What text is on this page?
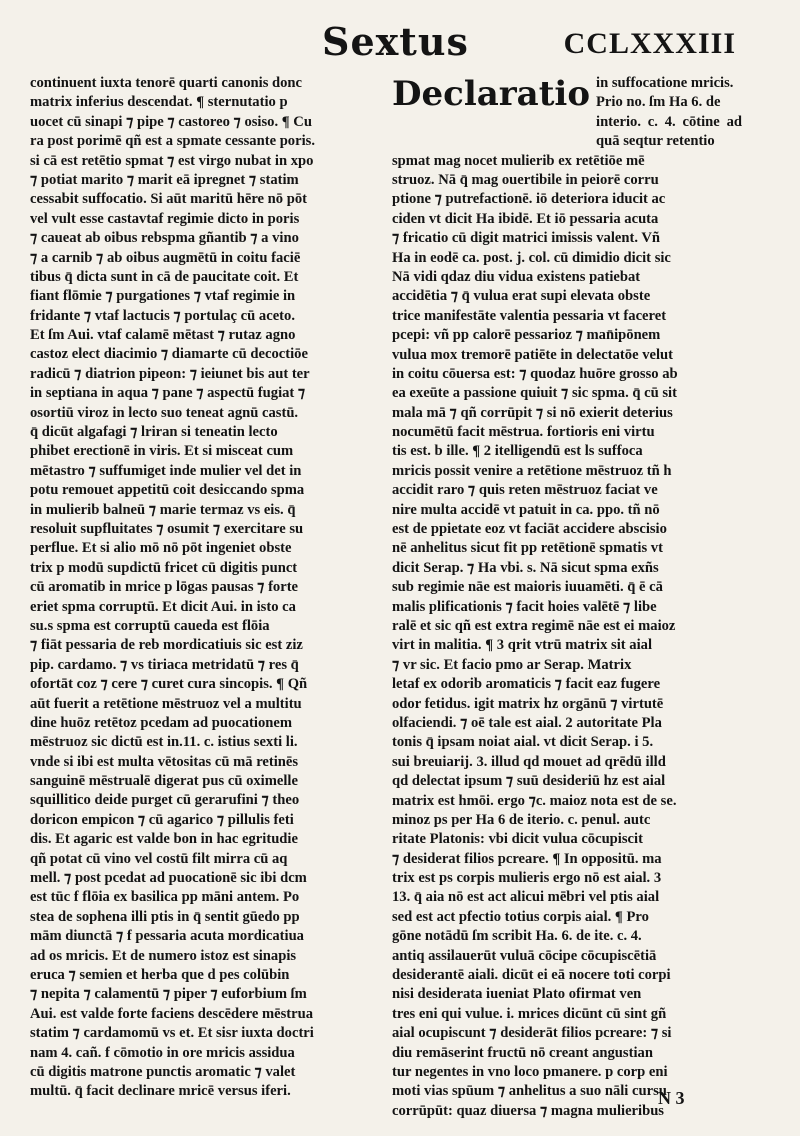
Sextus	CCLXXXIII
continuent iuxta tenorē quarti canonis donc
matrix inferius descendat. ¶ sternutatio p
uocet cū sinapi ⁊ pipe ⁊ castoreo ⁊ osiso. ¶ Cu
ra post porimē qñ est a spmate cessante poris.
si cā est retētio spmat ⁊ est virgo nubat in xpo
⁊ potiat marito ⁊ marit eā ipregnet ⁊ statim
cessabit suffocatio. Si aūt maritū hēre nō pōt
vel vult esse castavtaf regimie dicto in poris
⁊ caueat ab oibus rebspma gñantib ⁊ a vino
⁊ a carnib ⁊ ab oibus augmētū in coitu faciē
tibus q̄ dicta sunt in cā de paucitate coit. Et
fiant flōmie ⁊ purgationes ⁊ vtaf regimie in
fridante ⁊ vtaf lactucis ⁊ portulaç cū aceto.
Et ſm Aui. vtaf calamē mētast ⁊ rutaz agno
castoz elect diacimio ⁊ diamarte cū decoctiōe
radicū ⁊ diatrion pipeon: ⁊ ieiunet bis aut ter
in septiana in aqua ⁊ pane ⁊ aspectū fugiat ⁊
osortiū viroz in lecto suo teneat agnū castū.
q̄ dicūt algafagi ⁊ lriran si teneatin lecto
phibet erectionē in viris. Et si misceat cum
mētastro ⁊ suffumiget inde mulier vel det in
potu remouet appetitū coit desiccando spma
in mulierib balneū ⁊ marie termaz vs eis. q̄
resoluit supfluitates ⁊ osumit ⁊ exercitare su
perflue. Et si alio mō nō pōt ingeniet obste
trix p modū supdictū fricet cū digitis punct
cū aromatib in mrice p lōgas pausas ⁊ forte
eriet spma corruptū. Et dicit Aui. in isto ca
su.s spma est corruptū caueda est flōia
⁊ fiāt pessaria de reb mordicatiuis sic est ziz
pip. cardamo. ⁊ vs tiriaca metridatū ⁊ res q̄
ofortāt coz ⁊ cere ⁊ curet cura sincopis. ¶ Qñ
aūt fuerit a retētione mēstruoz vel a multitu
dine huōz retētoz pcedam ad puocationem
mēstruoz sic dictū est in.11. c. istius sexti li.
vnde si ibi est multa vētositas cū mā retinēs
sanguinē mēstrualē digerat pus cū oximelle
squillitico deide purget cū gerarufini ⁊ theo
doricon empicon ⁊ cū agarico ⁊ pillulis feti
dis. Et agaric est valde bon in hac egritudie
qñ potat cū vino vel costū filt mirra cū aq
mell. ⁊ post pcedat ad puocationē sic ibi dcm
est tūc f flōia ex basilica pp māni antem. Po
stea de sophena illi ptis in q̄ sentit gūedo pp
mām diunctā ⁊ f pessaria acuta mordicatiua
ad os mricis. Et de numero istoz est sinapis
eruca ⁊ semien et herba que d pes colūbin
⁊ nepita ⁊ calamentū ⁊ piper ⁊ euforbium ſm
Aui. est valde forte faciens descēdere mēstrua
statim ⁊ cardamomū vs et. Et sisr iuxta doctri
nam 4. cañ. f cōmotio in ore mricis assidua
cū digitis matrone punctis aromatic ⁊ valet
multū. q̄ facit declinare mricē versus iferi.
Declaratio in suffocatione mricis.
Prio no. ſm Ha 6. de
interio. c. 4. cōtine ad quā seqtur retentio
spmat mag nocet mulierib ex retētiōe mē
struoz. Nā q̄ mag ouertibile in peiorē corru
ptione ⁊ putrefactionē. iō deteriora iducit ac
ciden vt dicit Ha ibidē. Et iō pessaria acuta
⁊ fricatio cū digit matrici imissis valent. Vñ
Ha in eodē ca. post. j. col. cū dimidio dicit sic
Nā vidi qdaz diu vidua existens patiebat
accidētia ⁊ q̄ vulua erat supi elevata obste
trice manifestāte valentia pessaria vt faceret
pcepi: vñ pp calorē pessarioz ⁊ man̄ipōnem
vulua mox tremorē patiēte in delectatōe velut
in coitu cōuersa est: ⁊ quodaz huōre grosso ab
ea exeūte a passione quiuit ⁊ sic spma. q̄ cū sit
mala mā ⁊ qñ corrūpit ⁊ si nō exierit deterius
nocumētū facit mēstrua. fortioris eni virtu
tis est. b ille. ¶ 2 itelligendū est ls suffoca
mricis possit venire a retētione mēstruoz tñ h
accidit raro ⁊ quis reten mēstruoz faciat ve
nire multa accidē vt patuit in ca. ppo. tñ nō
est de ppietate eoz vt faciāt accidere abscisio
nē anhelitus sicut fit pp retētionē spmatis vt
dicit Serap. ⁊ Ha vbi. s. Nā sicut spma exñs
sub regimie nāe est maioris iuuamēti. q̄ ē cā
malis plificationis ⁊ facit hoies valētē ⁊ libe
ralē et sic qñ est extra regimē nāe est ei maioz
virt in malitia. ¶ 3 qrit vtrū matrix sit aial
⁊ vr sic. Et facio pmo ar Serap. Matrix
letaf ex odorib aromaticis ⁊ facit eaz fugere
odor fetidus. igit matrix hz orgānū ⁊ virtutē
olfaciendi. ⁊ oē tale est aial. 2 autoritate Pla
tonis q̄ ipsam noiat aial. vt dicit Serap. i 5.
sui breuiarij. 3. illud qd mouet ad qrēdū illd
qd delectat ipsum ⁊ suū desideriū hz est aial
matrix est hmōi. ergo ⁊c. maioz nota est de se.
minoz ps per Ha 6 de iterio. c. penul. autc
ritate Platonis: vbi dicit vulua cōcupiscit
⁊ desiderat filios pcreare. ¶ In oppositū. ma
trix est ps corpis mulieris ergo nō est aial. 3
13. q̄ aia nō est act alicui mēbri vel ptis aial
sed est act pfectio totius corpis aial. ¶ Pro
gōne notādū ſm scribit Ha. 6. de ite. c. 4.
antiq assilauerūt vuluā cōcipe cōcupiscētiā
desiderantē aiali. dicūt ei eā nocere toti corpi
nisi desiderata iueniat Plato ofirmat ven
tres eni qui vulue. i. mrices dicūnt cū sint gñ
aial ocupiscunt ⁊ desiderāt filios pcreare: ⁊ si
diu remāserint fructū nō creant angustian
tur negentes in vno loco pmanere. p corp eni
moti vias spūum ⁊ anhelitus a suo nāli cursu
corrūpūt: quaz diuersa ⁊ magna mulieribus
N 3
